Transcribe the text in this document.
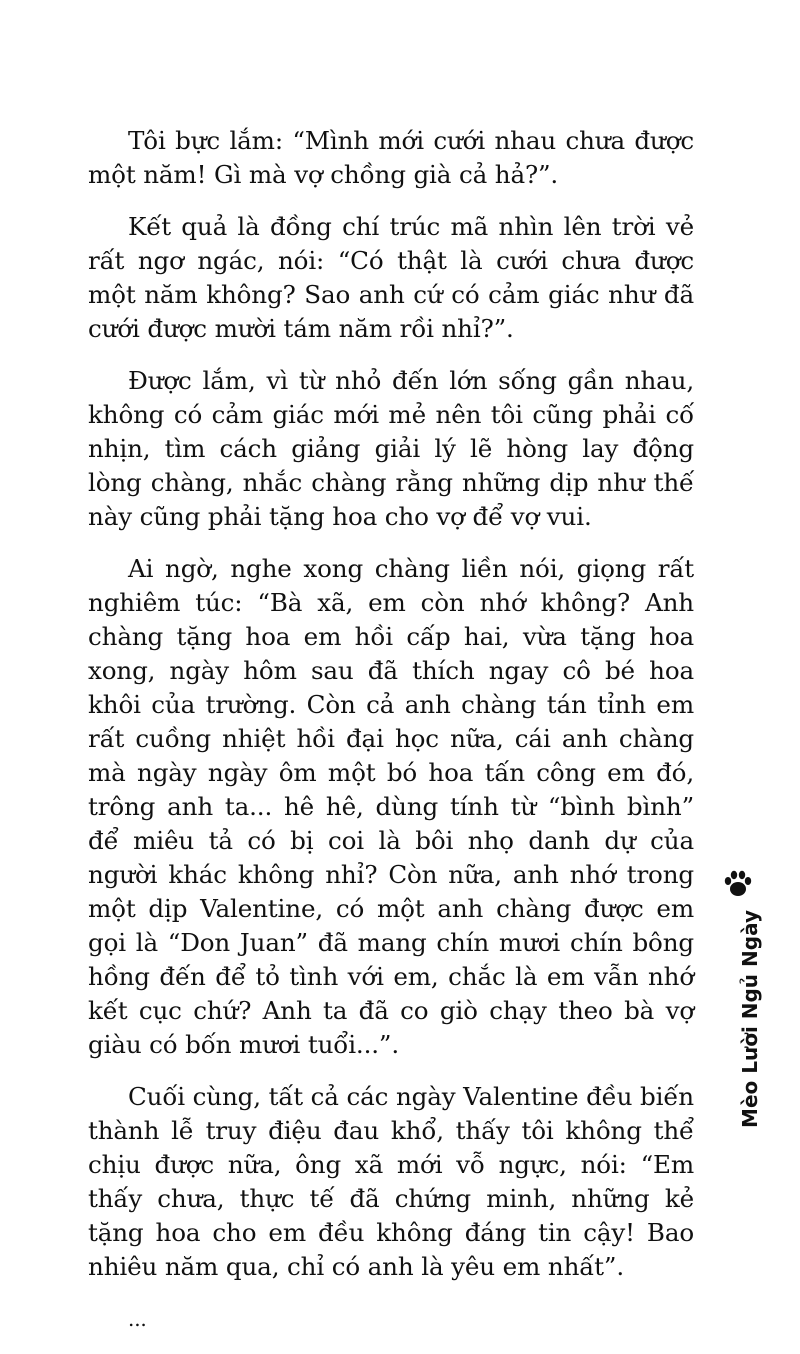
Tôi bực lắm: “Mình mới cưới nhau chưa được một năm! Gì mà vợ chồng già cả hả?”.

Kết quả là đồng chí trúc mã nhìn lên trời vẻ rất ngơ ngác, nói: “Có thật là cưới chưa được một năm không? Sao anh cứ có cảm giác như đã cưới được mười tám năm rồi nhỉ?”.

Được lắm, vì từ nhỏ đến lớn sống gần nhau, không có cảm giác mới mẻ nên tôi cũng phải cố nhịn, tìm cách giảng giải lý lẽ hòng lay động lòng chàng, nhắc chàng rằng những dịp như thế này cũng phải tặng hoa cho vợ để vợ vui.

Ai ngờ, nghe xong chàng liền nói, giọng rất nghiêm túc: “Bà xã, em còn nhớ không? Anh chàng tặng hoa em hồi cấp hai, vừa tặng hoa xong, ngày hôm sau đã thích ngay cô bé hoa khôi của trường. Còn cả anh chàng tán tỉnh em rất cuồng nhiệt hồi đại học nữa, cái anh chàng mà ngày ngày ôm một bó hoa tấn công em đó, trông anh ta... hê hê, dùng tính từ “bình bình” để miêu tả có bị coi là bôi nhọ danh dự của người khác không nhỉ? Còn nữa, anh nhớ trong một dịp Valentine, có một anh chàng được em gọi là “Don Juan” đã mang chín mươi chín bông hồng đến để tỏ tình với em, chắc là em vẫn nhớ kết cục chứ? Anh ta đã co giò chạy theo bà vợ giàu có bốn mươi tuổi...”.

Cuối cùng, tất cả các ngày Valentine đều biến thành lễ truy điệu đau khổ, thấy tôi không thể chịu được nữa, ông xã mới vỗ ngực, nói: “Em thấy chưa, thực tế đã chứng minh, những kẻ tặng hoa cho em đều không đáng tin cậy! Bao nhiêu năm qua, chỉ có anh là yêu em nhất”.

...

Mèo Lười Ngủ Ngày
